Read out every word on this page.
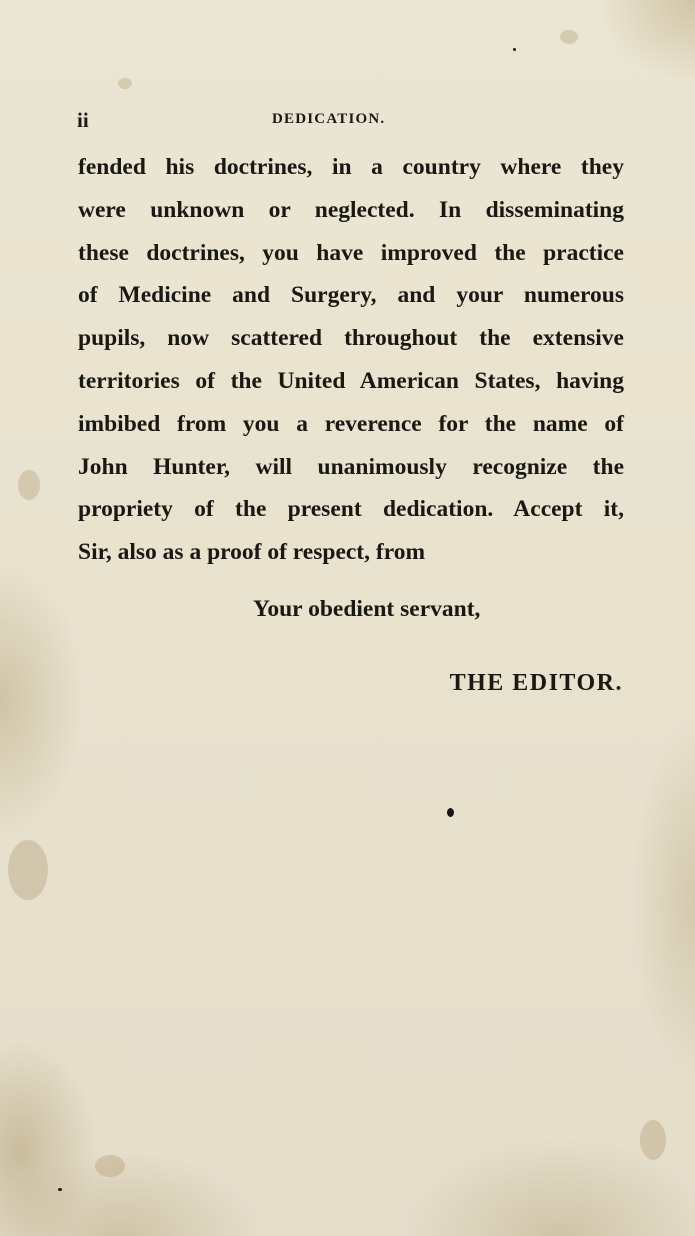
ii	DEDICATION.
fended his doctrines, in a country where they
were unknown or neglected. In disseminating
these doctrines, you have improved the practice
of Medicine and Surgery, and your numerous
pupils, now scattered throughout the extensive
territories of the United American States, having
imbibed from you a reverence for the name of
John Hunter, will unanimously recognize the
propriety of the present dedication. Accept it,
Sir, also as a proof of respect, from
Your obedient servant,
THE EDITOR.
